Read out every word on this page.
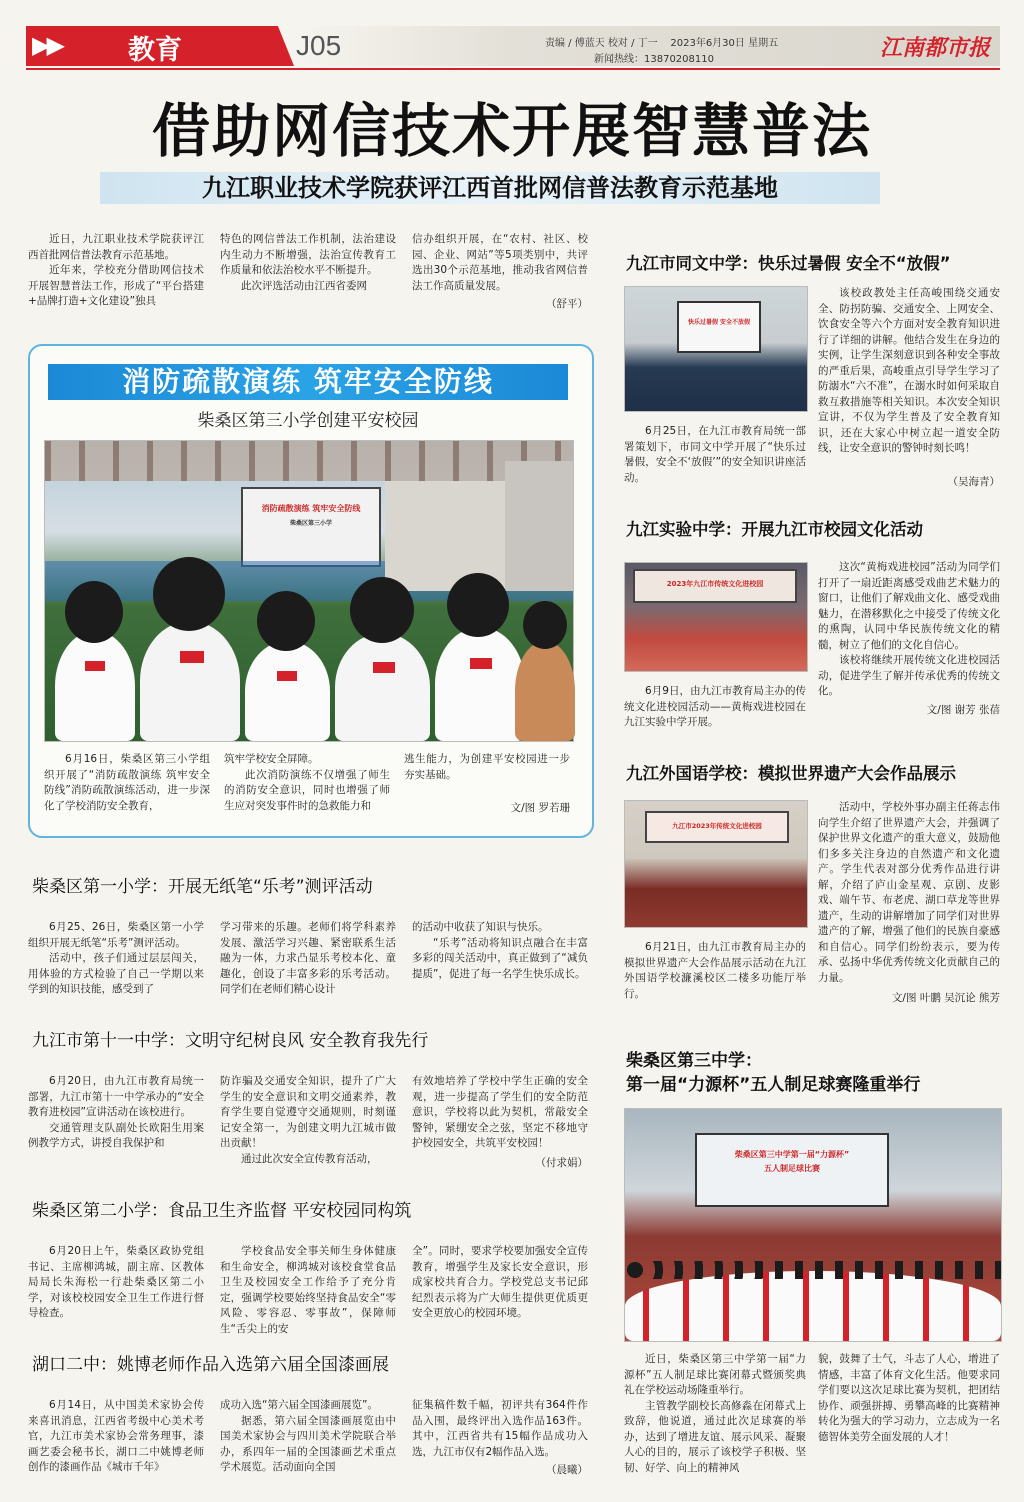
▶▶ 教育	J05	责编 / 傅蓝天 校对 / 丁一 2023年6月30日 星期五
新闻热线：13870208110	江南都市报
借助网信技术开展智慧普法
九江职业技术学院获评江西首批网信普法教育示范基地

近日，九江职业技术学院获评江西首批网信普法教育示范基地。

近年来，学校充分借助网信技术开展智慧普法工作，形成了“平台搭建+品牌打造+文化建设”独具

特色的网信普法工作机制，法治建设内生动力不断增强，法治宣传教育工作质量和依法治校水平不断提升。

此次评选活动由江西省委网

信办组织开展，在“农村、社区、校园、企业、网站”等5项类别中，共评选出30个示范基地，推动我省网信普法工作高质量发展。

（舒平）
消防疏散演练 筑牢安全防线
柴桑区第三小学创建平安校园
消防疏散演练 筑牢安全防线
柴桑区第三小学

6月16日，柴桑区第三小学组织开展了“消防疏散演练 筑牢安全防线”消防疏散演练活动，进一步深化了学校消防安全教育，

筑牢学校安全屏障。

此次消防演练不仅增强了师生的消防安全意识，同时也增强了师生应对突发事件时的急救能力和

逃生能力，为创建平安校园进一步夯实基础。

文/图 罗若珊
柴桑区第一小学：开展无纸笔“乐考”测评活动

6月25、26日，柴桑区第一小学组织开展无纸笔“乐考”测评活动。

活动中，孩子们通过层层闯关，用体验的方式检验了自己一学期以来学到的知识技能，感受到了

学习带来的乐趣。老师们将学科素养发展、激活学习兴趣、紧密联系生活融为一体，力求凸显乐考校本化、童趣化，创设了丰富多彩的乐考活动。同学们在老师们精心设计

的活动中收获了知识与快乐。

“乐考”活动将知识点融合在丰富多彩的闯关活动中，真正做到了“减负提质”，促进了每一名学生快乐成长。

九江市第十一中学：文明守纪树良风 安全教育我先行

6月20日，由九江市教育局统一部署，九江市第十一中学承办的“安全教育进校园”宣讲活动在该校进行。

交通管理支队副处长欧阳生用案例教学方式，讲授自我保护和

防诈骗及交通安全知识，提升了广大学生的安全意识和文明交通素养，教育学生要自觉遵守交通规则，时刻谨记安全第一，为创建文明九江城市做出贡献！

通过此次安全宣传教育活动，

有效地培养了学校中学生正确的安全观，进一步提高了学生们的安全防范意识，学校将以此为契机，常敲安全警钟，紧绷安全之弦，坚定不移地守护校园安全，共筑平安校园！

（付求娟）
柴桑区第二小学：食品卫生齐监督 平安校园同构筑

6月20日上午，柴桑区政协党组书记、主席柳鸿城，副主席、区教体局局长朱海松一行赴柴桑区第二小学，对该校校园安全卫生工作进行督导检查。

学校食品安全事关师生身体健康和生命安全，柳鸿城对该校食堂食品卫生及校园安全工作给予了充分肯定，强调学校要始终坚持食品安全“零风险、零容忍、零事故”，保障师生“舌尖上的安

全”。同时，要求学校要加强安全宣传教育，增强学生及家长安全意识，形成家校共育合力。学校党总支书记邱纪烈表示将为广大师生提供更优质更安全更放心的校园环境。

湖口二中：姚博老师作品入选第六届全国漆画展

6月14日，从中国美术家协会传来喜讯消息，江西省考级中心美术考官，九江市美术家协会常务理事，漆画艺委会秘书长，湖口二中姚博老师创作的漆画作品《城市千年》

成功入选“第六届全国漆画展览”。

据悉，第六届全国漆画展览由中国美术家协会与四川美术学院联合举办，系四年一届的全国漆画艺术重点学术展览。活动面向全国

征集稿件数千幅，初评共有364件作品入围，最终评出入选作品163件。其中，江西省共有15幅作品成功入选，九江市仅有2幅作品入选。

（晨曦）
九江市同文中学：快乐过暑假 安全不“放假”
快乐过暑假 安全不放假

6月25日，在九江市教育局统一部署策划下，市同文中学开展了“快乐过暑假，安全不‘放假’”的安全知识讲座活动。

该校政教处主任高峻围绕交通安全、防拐防骗、交通安全、上网安全、饮食安全等六个方面对安全教育知识进行了详细的讲解。他结合发生在身边的实例，让学生深刻意识到各种安全事故的严重后果，高峻重点引导学生学习了防溺水“六不准”，在溺水时如何采取自救互救措施等相关知识。本次安全知识宣讲，不仅为学生普及了安全教育知识，还在大家心中树立起一道安全防线，让安全意识的警钟时刻长鸣！

（吴海青）
九江实验中学：开展九江市校园文化活动
2023年九江市传统文化进校园

6月9日，由九江市教育局主办的传统文化进校园活动——黄梅戏进校园在九江实验中学开展。

这次“黄梅戏进校园”活动为同学们打开了一扇近距离感受戏曲艺术魅力的窗口，让他们了解戏曲文化、感受戏曲魅力，在潜移默化之中接受了传统文化的熏陶，认同中华民族传统文化的精髓，树立了他们的文化自信心。

该校将继续开展传统文化进校园活动，促进学生了解并传承优秀的传统文化。

文/图 谢芳 张蓓
九江外国语学校：模拟世界遗产大会作品展示
九江市2023年传统文化进校园

6月21日，由九江市教育局主办的模拟世界遗产大会作品展示活动在九江外国语学校濂溪校区二楼多功能厅举行。

活动中，学校外事办副主任蒋志伟向学生介绍了世界遗产大会，并强调了保护世界文化遗产的重大意义，鼓励他们多多关注身边的自然遗产和文化遗产。学生代表对部分优秀作品进行讲解，介绍了庐山金星观、京剧、皮影戏、端午节、布老虎、湖口草龙等世界遗产，生动的讲解增加了同学们对世界遗产的了解，增强了他们的民族自豪感和自信心。同学们纷纷表示，要为传承、弘扬中华优秀传统文化贡献自己的力量。

文/图 叶鹏 吴沉论 熊芳
柴桑区第三中学：
第一届“力源杯”五人制足球赛隆重举行
柴桑区第三中学第一届“力源杯”
五人制足球比赛

近日，柴桑区第三中学第一届“力源杯”五人制足球比赛闭幕式暨颁奖典礼在学校运动场隆重举行。

主管教学副校长高修淼在闭幕式上致辞，他说道，通过此次足球赛的举办，达到了增进友谊、展示风采、凝聚人心的目的，展示了该校学子积极、坚韧、好学、向上的精神风

貌，鼓舞了士气，斗志了人心，增进了情感，丰富了体育文化生活。他要求同学们要以这次足球比赛为契机，把团结协作、顽强拼搏、勇攀高峰的比赛精神转化为强大的学习动力，立志成为一名德智体美劳全面发展的人才！
